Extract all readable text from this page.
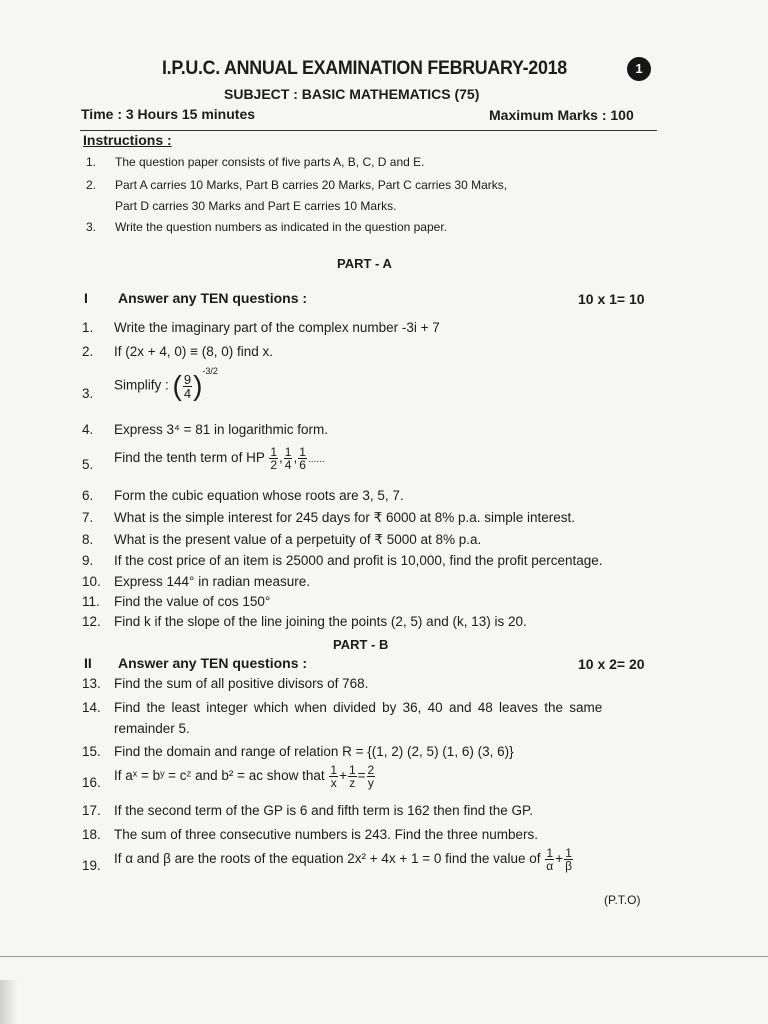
I.P.U.C. ANNUAL EXAMINATION FEBRUARY-2018	1
SUBJECT : BASIC MATHEMATICS (75)
Time : 3 Hours 15 minutes	Maximum Marks : 100
Instructions :
1. The question paper consists of five parts A, B, C, D and E.
2. Part A carries 10 Marks, Part B carries 20 Marks, Part C carries 30 Marks,
Part D carries 30 Marks and Part E carries 10 Marks.
3. Write the question numbers as indicated in the question paper.
PART - A
I Answer any TEN questions :	10 x 1= 10
1. Write the imaginary part of the complex number -3i + 7
2. If (2x + 4, 0) ≡ (8, 0) find x.
3.
Simplify : ( $\frac{9}{4} )^{-3/2}$
4. Express 3⁴ = 81 in logarithmic form.
5. Find the tenth term of HP $\frac{1}{2}$ , $\frac{1}{4}$ , $\frac{1}{6}$ ......
6. Form the cubic equation whose roots are 3, 5, 7.
7. What is the simple interest for 245 days for ₹ 6000 at 8% p.a. simple interest.
8. What is the present value of a perpetuity of ₹ 5000 at 8% p.a.
9. If the cost price of an item is 25000 and profit is 10,000, find the profit percentage.
10. Express 144° in radian measure.
11. Find the value of cos 150°
12. Find k if the slope of the line joining the points (2, 5) and (k, 13) is 20.
PART - B
II Answer any TEN questions :	10 x 2= 20
13. Find the sum of all positive divisors of 768.
14. Find the least integer which when divided by 36, 40 and 48 leaves the same
remainder 5.
15. Find the domain and range of relation R = {(1, 2) (2, 5) (1, 6) (3, 6)}
16. If aˣ = bʸ = cᶻ and b² = ac show that $\frac{1}{x} + \frac{1}{z} = \frac{2}{y}$
17. If the second term of the GP is 6 and fifth term is 162 then find the GP.
18. The sum of three consecutive numbers is 243. Find the three numbers.
19. If α and β are the roots of the equation 2x² + 4x + 1 = 0 find the value of $\frac{1}{\alpha} + \frac{1}{\beta}$
(P.T.O)
